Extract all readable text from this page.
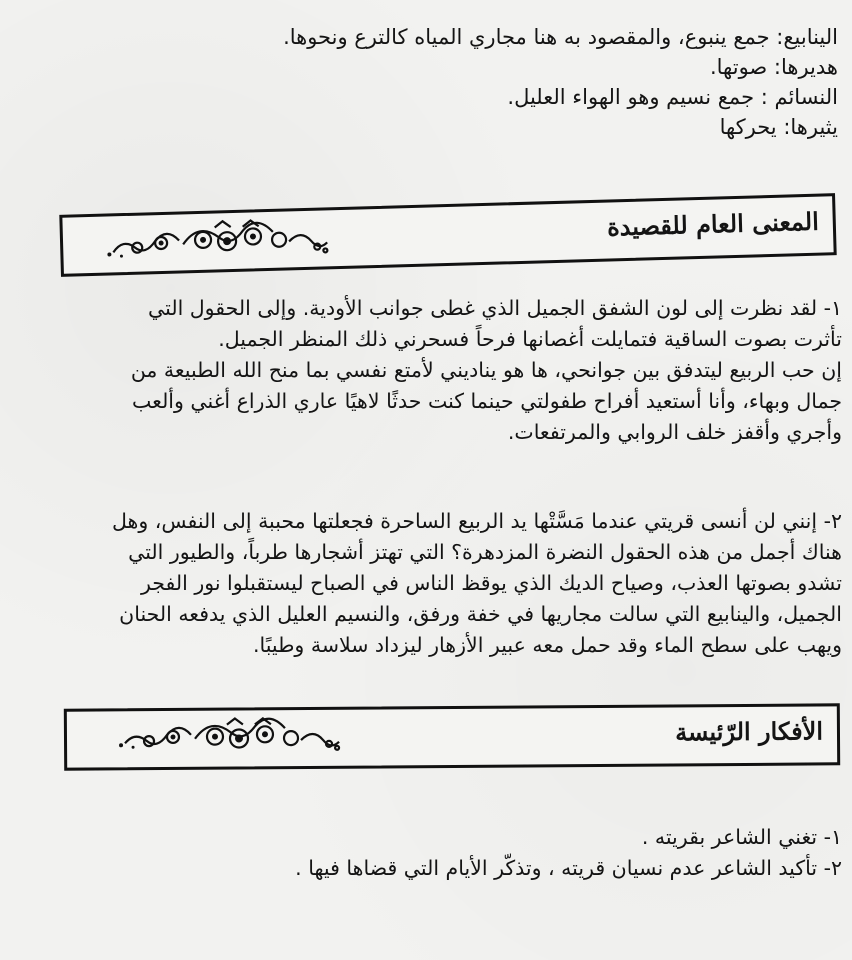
الينابيع: جمع ينبوع، والمقصود به هنا مجاري المياه كالترع ونحوها.
هديرها: صوتها.
النسائم : جمع نسيم وهو الهواء العليل.
يثيرها: يحركها
المعنى العام للقصيدة

١- لقد نظرت إلى لون الشفق الجميل الذي غطى جوانب الأودية. وإلى الحقول التي

تأثرت بصوت الساقية فتمايلت أغصانها فرحاً فسحرني ذلك المنظر الجميل.

إن حب الربيع ليتدفق بين جوانحي، ها هو يناديني لأمتع نفسي بما منح الله الطبيعة من

جمال وبهاء، وأنا أستعيد أفراح طفولتي حينما كنت حدثًا لاهيًا عاري الذراع أغني وألعب

وأجري وأقفز خلف الروابي والمرتفعات.

٢- إنني لن أنسى قريتي عندما مَسَّتْها يد الربيع الساحرة فجعلتها محببة إلى النفس، وهل

هناك أجمل من هذه الحقول النضرة المزدهرة؟ التي تهتز أشجارها طرباً، والطيور التي

تشدو بصوتها العذب، وصياح الديك الذي يوقظ الناس في الصباح ليستقبلوا نور الفجر

الجميل، والينابيع التي سالت مجاريها في خفة ورفق، والنسيم العليل الذي يدفعه الحنان

ويهب على سطح الماء وقد حمل معه عبير الأزهار ليزداد سلاسة وطيبًا.

الأفكار الرّئيسة
١- تغني الشاعر بقريته .
٢- تأكيد الشاعر عدم نسيان قريته ، وتذكّر الأيام التي قضاها فيها .
